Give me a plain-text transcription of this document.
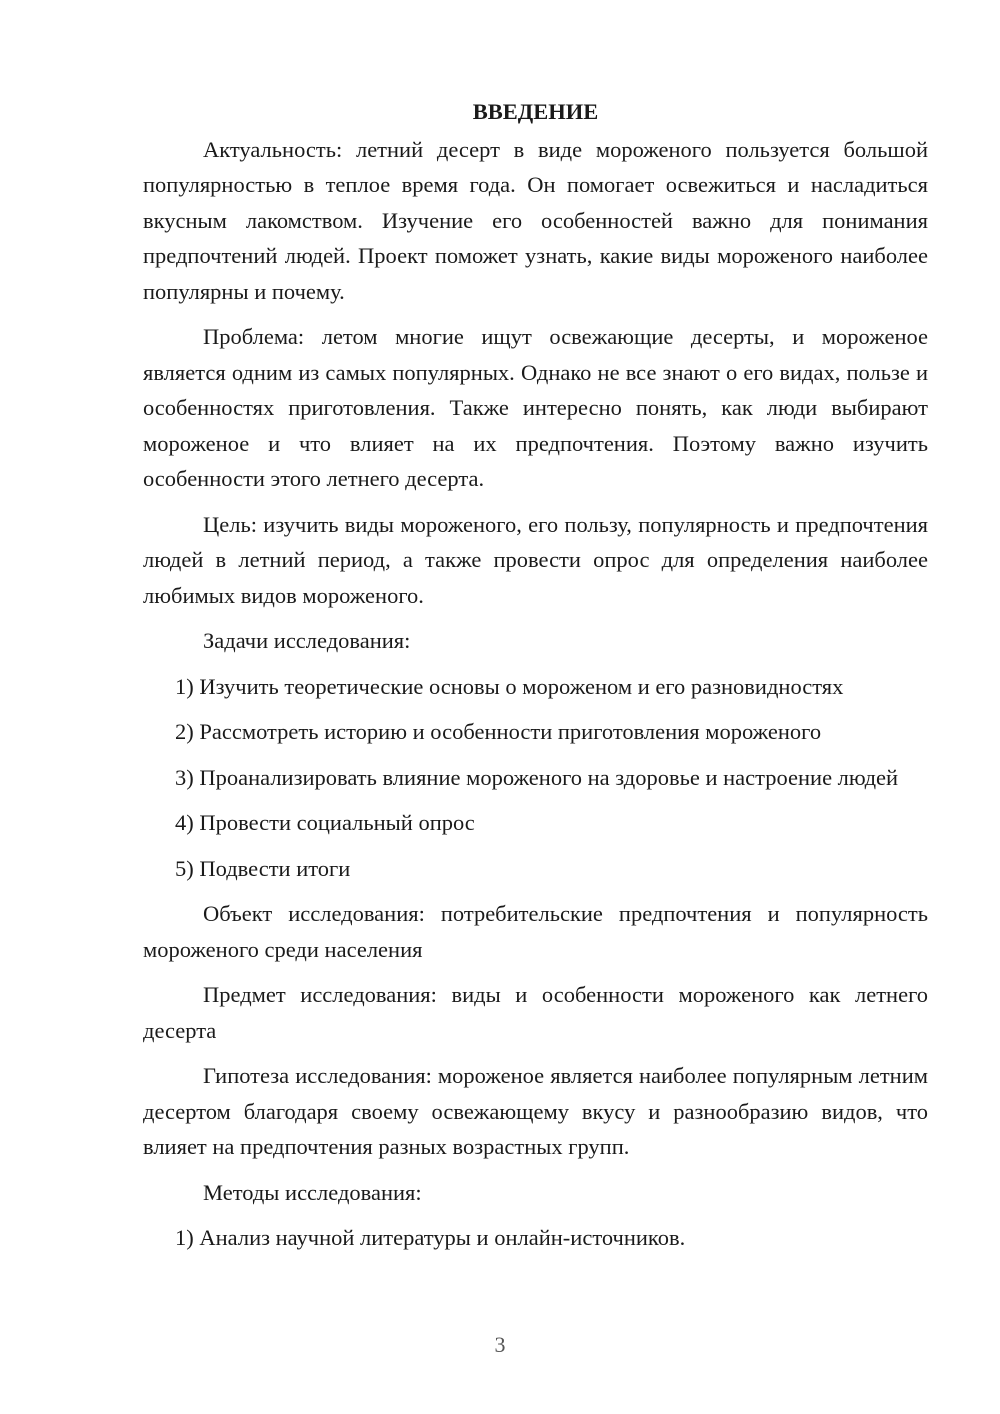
ВВЕДЕНИЕ

Актуальность: летний десерт в виде мороженого пользуется большой популярностью в теплое время года. Он помогает освежиться и насладиться вкусным лакомством. Изучение его особенностей важно для понимания предпочтений людей. Проект поможет узнать, какие виды мороженого наиболее популярны и почему.

Проблема: летом многие ищут освежающие десерты, и мороженое является одним из самых популярных. Однако не все знают о его видах, пользе и особенностях приготовления. Также интересно понять, как люди выбирают мороженое и что влияет на их предпочтения. Поэтому важно изучить особенности этого летнего десерта.

Цель: изучить виды мороженого, его пользу, популярность и предпочтения людей в летний период, а также провести опрос для определения наиболее любимых видов мороженого.

Задачи исследования:

1) Изучить теоретические основы о мороженом и его разновидностях

2) Рассмотреть историю и особенности приготовления мороженого

3) Проанализировать влияние мороженого на здоровье и настроение людей

4) Провести социальный опрос

5) Подвести итоги

Объект исследования: потребительские предпочтения и популярность мороженого среди населения

Предмет исследования: виды и особенности мороженого как летнего десерта

Гипотеза исследования: мороженое является наиболее популярным летним десертом благодаря своему освежающему вкусу и разнообразию видов, что влияет на предпочтения разных возрастных групп.

Методы исследования:

1) Анализ научной литературы и онлайн-источников.

3
